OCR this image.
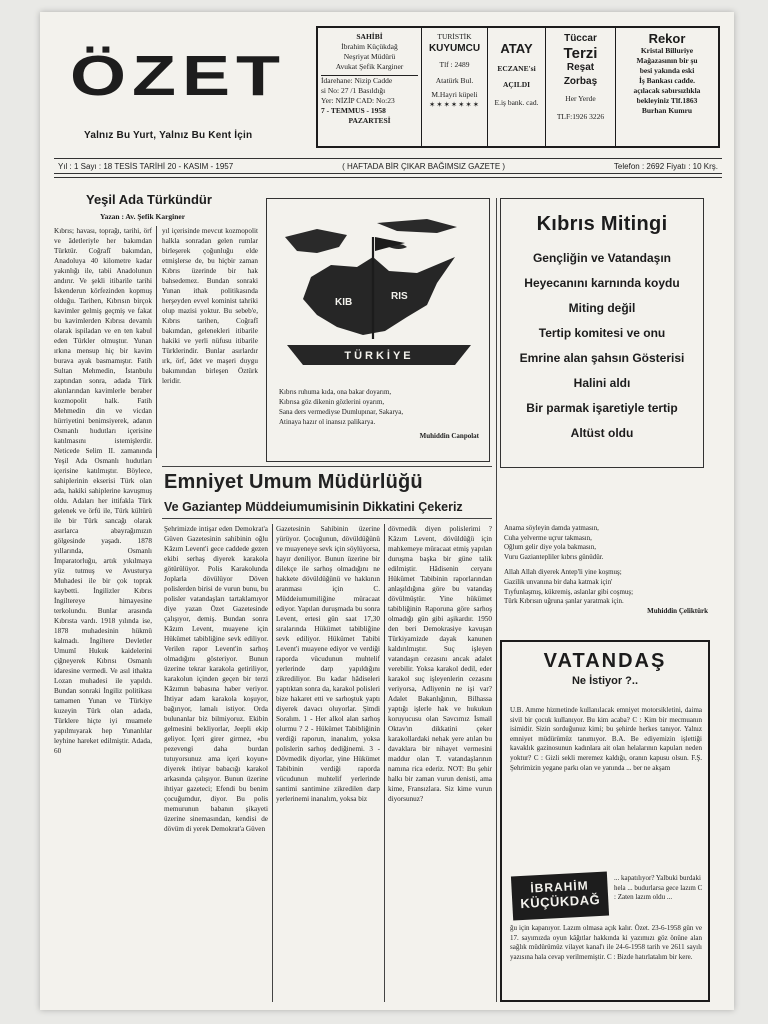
ÖZET
Yalnız Bu Yurt, Yalnız Bu Kent İçin
SAHİBİ
İbrahim Küçükdağ
Neşriyat Müdürü
Avukat Şefik Karginer
İdarehane: Nizip Cadde
si No: 27 /1 Basıldığı
Yer: NİZİP CAD: No:23
7 - TEMMUS - 1958
PAZARTESİ
TURİSTİK
KUYUMCU
Tlf : 2489
Atatürk Bul.
M.Hayri küpeli
✶✶✶✶✶✶✶
ATAY
ECZANE'si
AÇILDI
E.iş bank. cad.
Tüccar
Terzi
Reşat
Zorbaş
Her Yerde
TLF:1926 3226
Rekor
Kristal Billuriye
Mağazasının bir şu
besi yakında eski
İş Bankası cadde.
açılacak sabırsızlıkla
bekleyiniz Tlf.1863
Burhan Kumru
Yıl : 1 Sayı : 18 TESİS TARİHİ 20 - KASIM - 1957	( HAFTADA BİR ÇIKAR BAĞIMSIZ GAZETE )	Telefon : 2692 Fiyatı : 10 Krş.
Yeşil Ada Türkündür
Yazan : Av. Şefik Karginer
Kıbrıs; havası, toprağı, tarihi, örf ve âdetleriyle her bakımdan Türktür. Coğrafî bakımdan, Anadoluya 40 kilometre kadar yakınlığı ile, tabii Anadolunun andırır. Ve şekli itibarile tarihi İskenderun körfezinden kopmuş olduğu. Tarihen, Kıbrısın birçok kavimler gelmiş geçmiş ve fakat bu kavimlerden Kıbrısı devamlı olarak ispiladan ve en ten kabul eden Türkler olmuştur. Yunan ırkına mensup hiç bir kavim burava ayak basmamıştır. Fatih Sultan Mehmedin, İstanbulu zaptından sonra, adada Türk akınlarından kavimlerle beraber kozmopolit halk. Fatih Mehmedin din ve vicdan hürriyetini benimsiyerek, adanın Osmanlı hudutları içerisine katılmasını istemişlerdir. Neticede Selim II. zamanında Yeşil Ada Osmanlı hudutları içerisine katılmıştır. Böylece, sahiplerinin ekserisi Türk olan ada, hakiki sahiplerine kavuşmuş oldu. Adaları her ittifakla Türk gelenek ve örfü ile, Türk kültürü ile bir Türk sancağı olarak asırlarca abayrağımızın gölgesinde yaşadı. 1878 yıllarında, Osmanlı İmparatorluğu, artık yıkılmaya yüz tutmuş ve Avusturya Muhadesi ile bir çok toprak kaybetti. İngilizler Kıbrıs İngiltereye himayesine terkolundu. Bunlar arasında Kıbrısta vardı. 1918 yılında ise, 1878 muhadesinin hükmü kalmadı. İngiltere Devletler Umumî Hukuk kaidelerini çiğneyerek Kıbrısı Osmanlı idaresine vermedi. Ve asıl ithakta Lozan muhadesi ile yapıldı. Bundan sonraki İngiliz politikası tamamen Yunan ve Türkiye kuzeyin Türk olan adada, Türklere hiçte iyi muamele yapılmıyarak hep Yunanlılar leyhine hareket edilmiştir. Adada, 60
yıl içerisinde mevcut kozmopolit halkla sonradan gelen rumlar birleşerek çoğunluğu elde etmişlerse de, bu hiçbir zaman Kıbrıs üzerinde bir hak bahsedemez. Bundan sonraki Yunan ithak politikasında herşeyden evvel kominist tahriki olup mazisi yoktur. Bu sebeb'e, Kıbrıs tarihen, Coğrafî bakımdan, gelenekleri itibarile hakiki ve yerli nüfusu itibarile Türklerindir. Bunlar asırlardır ırk, örf, âdet ve maşeri duygu bakımından birleşen Öztürk leridir.
KIB
RIS
TÜRKİYE
Kıbrıs ruhuma kıda, ona bakar doyarım,
Kıbrısa göz dikenin gözlerini oyarım,
Sana ders vermediyse Dumlupınar, Sakarya,
Atinaya hazır ol inansız palikarya.
Muhiddin Canpolat
Kıbrıs Mitingi
Gençliğin ve Vatandaşın
Heyecanını karnında koydu
Miting değil
Tertip komitesi ve onu
Emrine alan şahsın Gösterisi
Halini aldı
Bir parmak işaretiyle tertip
Altüst oldu
Emniyet Umum Müdürlüğü
Ve Gaziantep Müddeiumumisinin Dikkatini Çekeriz
Şehrimizde intişar eden Demokrat'a Güven Gazetesinin sahibinin oğlu Kâzım Levent'i gece caddede gezen ekibi serhaş diyerek karakola götürülüyor. Polis Karakolunda Joplarla dövülüyor Döven polislerden birisi de vurun bunu, bu polisler vatandaşları tartaklamıyor diye yazan Özet Gazetesinde çalışıyor, demiş. Bundan sonra Kâzım Levent, muayene için Hükümet tabibliğine sevk ediliyor. Verilen rapor Levent'in sarhoş olmadığını gösteriyor. Bunun üzerine tekrar karakola getiriliyor, karakolun içinden geçen bir terzi Kâzımın babasına haber veriyor. İhtiyar adam karakola koşuyor, bağırıyor, lamalı istiyor. Orda bulunanlar biz bilmiyoruz. Ekibin gelmesini bekliyorlar, Jeepli ekip geliyor. İçeri girer girmez, «bu pezevengi daha burdan tutuyorsunuz ama içeri koyun» diyerek ihtiyar babacığı karakol arkasında çalışıyor. Bunun üzerine ihtiyar gazeteci; Efendi bu benim çocuğumdur, diyor. Bu polis memurunun babanın şikayeti üzerine sinemasından, kendisi de dövüm di yerek Demokrat'a Güven
Gazetesinin Sahibinin üzerine yürüyor. Çocuğunun, dövüldüğünü ve muayeneye sevk için söylüyorsa, hayır deniliyor. Bunun üzerine bir dilekçe ile sarhoş olmadığını ne hakkete dövüldüğünü ve hakkının aranması için C. Müddeiumumiliğine müracaat ediyor. Yapılan duruşmada bu sonra Levent, ertesi gün saat 17,30 sıralarında Hükümet tabibliğine sevk ediliyor. Hükümet Tabibi Levent'i muayene ediyor ve verdiği raporda vücudunun muhtelif yerlerinde darp yapıldığını zikrediliyor. Bu kadar hâdiseleri yaptıktan sonra da, karakol polisleri bize hakaret etti ve sarhoştuk yaptı diyerek davacı oluyorlar. Şimdi Soralım. 1 - Her alkol alan sarhoş olurmu ? 2 - Hükümet Tabibliğinin verdiği raporun, inanalım, yoksa polislerin sarhoş dediğinemi. 3 - Dövmedik diyorlar, yine Hükümet Tabibinin verdiği raporda vücudunun muhtelif yerlerinde santimi santimine zikredilen darp yerlerinemi inanalım, yoksa biz
dövmedik diyen polislerimi ? Kâzım Levent, dövüldüğü için mahkemeye müracaat etmiş yapılan duruşma başka bir güne talik edilmiştir. Hâdisenin ceryanı Hükümet Tabibinin raporlarından anlaşıldığına göre bu vatandaş dövülmüştür. Yine hükümet tabibliğinin Raporuna göre sarhoş olmadığı gün gibi aşikardır. 1950 den beri Demokrasiye kavuşan Türkiyamizde dayak kanunen kaldırılmıştır. Suç işleyen vatandaşın cezasını ancak adalet verebilir. Yoksa karakol dedil, eder karakol suç işleyenlerin cezasını veriyorsa, Adliyenin ne işi var? Adalet Bakanlığının, Bilhassa yaptığı işlerle hak ve hukukun koruyucusu olan Savcımız İsmail Oktav'ın dikkatini çeker karakollardaki nehak yere atılan bu davaklara bir nihayet vermesini maddur olan T. vatandaşlarının namına rica ederiz. NOT: Bu şehir halkı bir zaman vurun denisti, ama kime, Fransızlara. Siz kime vurun diyorsunuz?
Anama söyleyin damda yatmasın,
Cuha yelverme uçrur takmasın,
Oğlum gelir diye yola bakmasın,
Vuru Gaziantepliler kıbrıs günüdür.
Allah Allah diyerek Antep'li yine koşmuş;
Gazilik unvanına bir daha katmak için'
Tıyfunlaşmış, kükremiş, aslanlar gibi coşmuş;
Türk Kıbrısın uğruna şanlar yaratmak için.
Muhiddin Çeliktürk
VATANDAŞ
Ne İstiyor ?..
U.B. Amme hizmetinde kullanılacak emniyet motorsikletini, daima sivil bir çocuk kullanıyor. Bu kim acaba? C : Kim bir mecmuanın isimidir. Sizin sorduğunuz kimi; bu şehirde herkes tanıyor. Yalnız emniyet müdürümüz tanımıyor. B.A. Be ediyemizin işlettiği kavaklık gazinosunun kadınlara ait olan helalarının kapuları neden yoktur? C : Gizli sekli meremez kaldığı, oranın kapusu olsun. F.Ş. Şehrimizin yegane parkı olan ve yanında ... ber ne akşam
İBRAHİM
KÜÇÜKDAĞ
... kapatılıyor? Yalbuki burdaki hela ... budurlarsa gece lazım C : Zaten lazım oldu ...
ğu için kapanıyor. Lazım olmasa açık kalır. Özet. 23-6-1958 gün ve 17. sayımızda oyun kâğıtlar hakkında ki yazımızı göz önüne alan sağlık müdürümüz vilayet kanal'ı ile 24-6-1958 tarih ve 2611 sayılı yazısına hala cevap verilmemiştir. C : Bizde hatırlatalım bir kere.
